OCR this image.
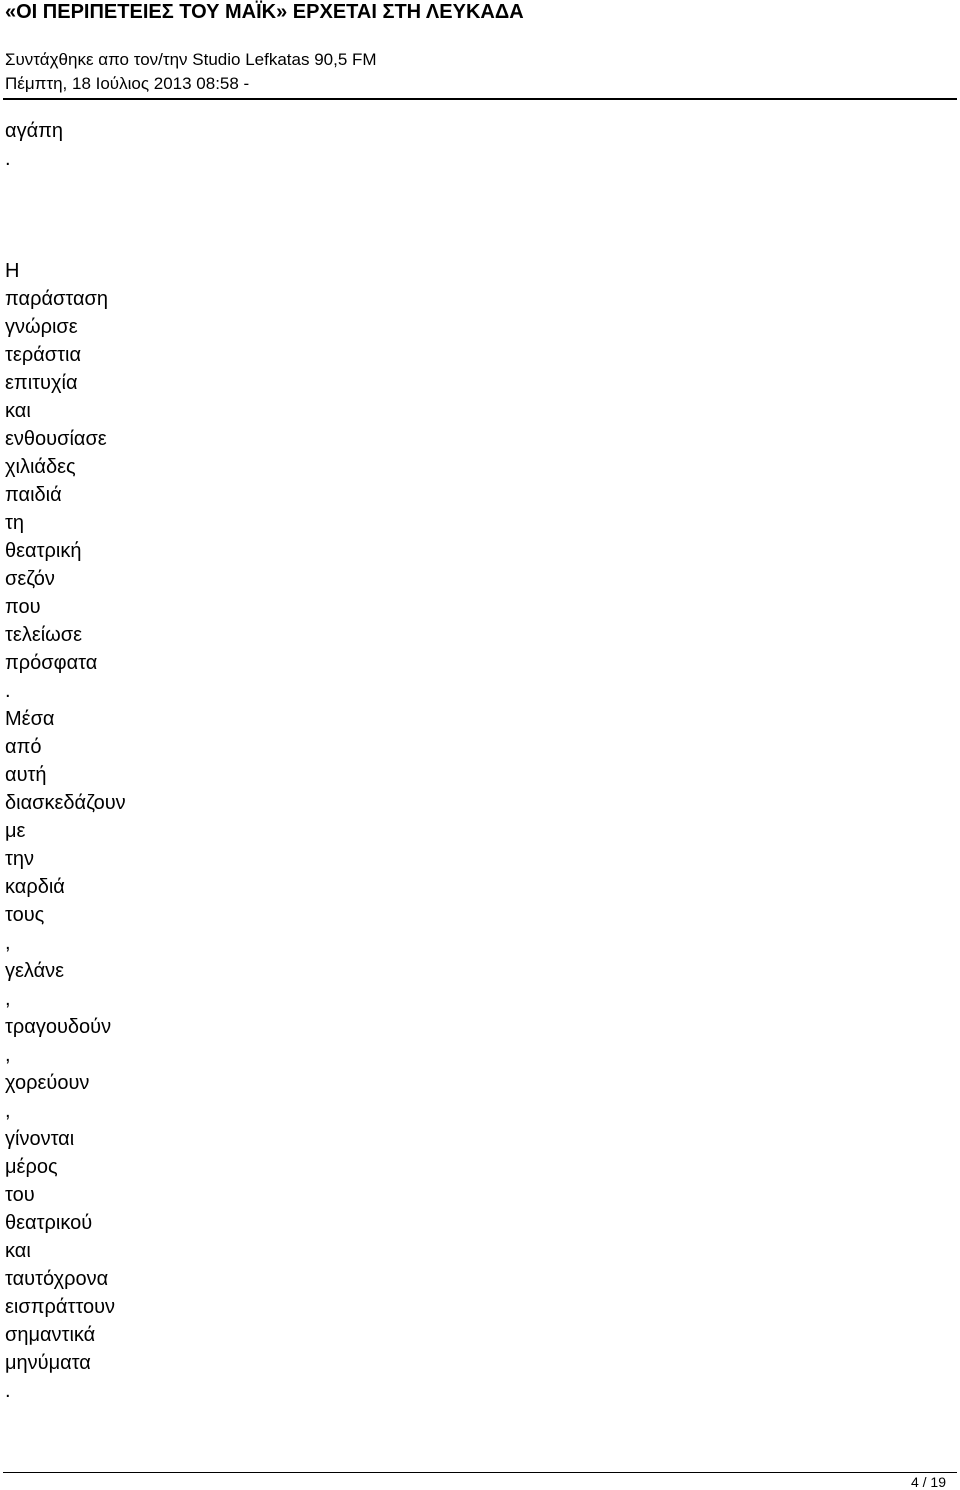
«ΟΙ ΠΕΡΙΠΕΤΕΙΕΣ ΤΟΥ ΜΑΪΚ» ΕΡΧΕΤΑΙ ΣΤΗ ΛΕΥΚΑΔΑ
Συντάχθηκε απο τον/την Studio Lefkatas 90,5 FM
Πέμπτη, 18 Ιούλιος 2013 08:58 -
αγάπη
.
Η
παράσταση
γνώρισε
τεράστια
επιτυχία
και
ενθουσίασε
χιλιάδες
παιδιά
τη
θεατρική
σεζόν
που
τελείωσε
πρόσφατα
.
Μέσα
από
αυτή
διασκεδάζουν
με
την
καρδιά
τους
,
γελάνε
,
τραγουδούν
,
χορεύουν
,
γίνονται
μέρος
του
θεατρικού
και
ταυτόχρονα
εισπράττουν
σημαντικά
μηνύματα
.
4 / 19
